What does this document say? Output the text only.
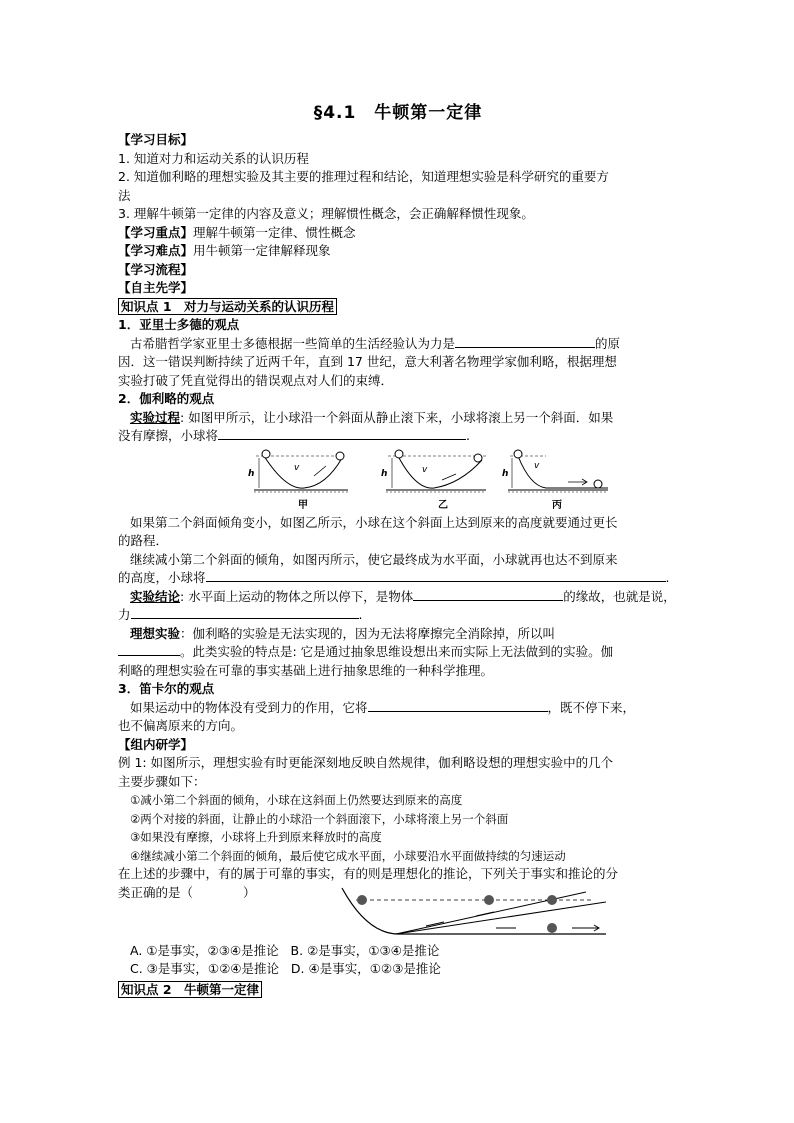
§4.1　牛顿第一定律
【学习目标】
1. 知道对力和运动关系的认识历程
2. 知道伽利略的理想实验及其主要的推理过程和结论，知道理想实验是科学研究的重要方
法
3. 理解牛顿第一定律的内容及意义；理解惯性概念，会正确解释惯性现象。
【学习重点】理解牛顿第一定律、惯性概念
【学习难点】用牛顿第一定律解释现象
【学习流程】
【自主先学】
知识点 1　对力与运动关系的认识历程
1．亚里士多德的观点
古希腊哲学家亚里士多德根据一些简单的生活经验认为力是	的原
因．这一错误判断持续了近两千年，直到 17 世纪，意大利著名物理学家伽利略，根据理想
实验打破了凭直觉得出的错误观点对人们的束缚．
2．伽利略的观点
实验过程: 如图甲所示，让小球沿一个斜面从静止滚下来，小球将滚上另一个斜面．如果
没有摩擦，小球将	.
h
v
甲
h	v
乙
h
v
丙
如果第二个斜面倾角变小，如图乙所示，小球在这个斜面上达到原来的高度就要通过更长
的路程．
继续减小第二个斜面的倾角，如图丙所示，使它最终成为水平面，小球就再也达不到原来
的高度，小球将	.
实验结论: 水平面上运动的物体之所以停下，是物体	的缘故，也就是说，
力	.
理想实验：伽利略的实验是无法实现的，因为无法将摩擦完全消除掉，所以叫
。此类实验的特点是: 它是通过抽象思维设想出来而实际上无法做到的实验。伽
利略的理想实验在可靠的事实基础上进行抽象思维的一种科学推理。
3．笛卡尔的观点
如果运动中的物体没有受到力的作用，它将	，既不停下来，
也不偏离原来的方向。
【组内研学】
例 1: 如图所示，理想实验有时更能深刻地反映自然规律，伽利略设想的理想实验中的几个
主要步骤如下：
①减小第二个斜面的倾角，小球在这斜面上仍然要达到原来的高度
②两个对接的斜面，让静止的小球沿一个斜面滚下，小球将滚上另一个斜面
③如果没有摩擦，小球将上升到原来释放时的高度
④继续减小第二个斜面的倾角，最后使它成水平面，小球要沿水平面做持续的匀速运动
在上述的步骤中，有的属于可靠的事实，有的则是理想化的推论，下列关于事实和推论的分
类正确的是（　　　　）
A. ①是事实，②③④是推论 B. ②是事实，①③④是推论
C. ③是事实，①②④是推论 D. ④是事实，①②③是推论
知识点 2　牛顿第一定律
